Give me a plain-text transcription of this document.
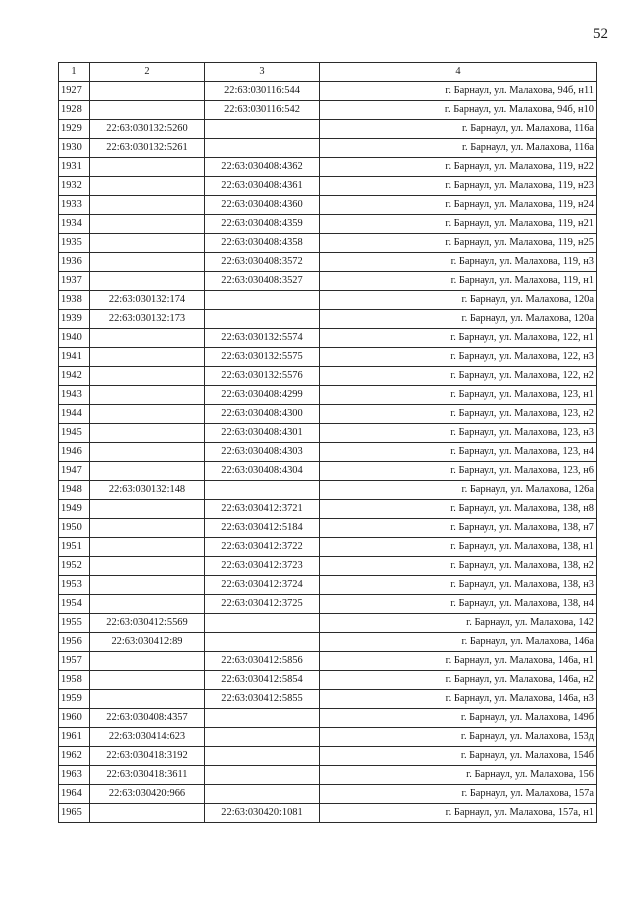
52
1	2	3	4
1927		22:63:030116:544	г. Барнаул, ул. Малахова, 94б, н11
1928		22:63:030116:542	г. Барнаул, ул. Малахова, 94б, н10
1929	22:63:030132:5260		г. Барнаул, ул. Малахова, 116а
1930	22:63:030132:5261		г. Барнаул, ул. Малахова, 116а
1931		22:63:030408:4362	г. Барнаул, ул. Малахова, 119, н22
1932		22:63:030408:4361	г. Барнаул, ул. Малахова, 119, н23
1933		22:63:030408:4360	г. Барнаул, ул. Малахова, 119, н24
1934		22:63:030408:4359	г. Барнаул, ул. Малахова, 119, н21
1935		22:63:030408:4358	г. Барнаул, ул. Малахова, 119, н25
1936		22:63:030408:3572	г. Барнаул, ул. Малахова, 119, н3
1937		22:63:030408:3527	г. Барнаул, ул. Малахова, 119, н1
1938	22:63:030132:174		г. Барнаул, ул. Малахова, 120а
1939	22:63:030132:173		г. Барнаул, ул. Малахова, 120а
1940		22:63:030132:5574	г. Барнаул, ул. Малахова, 122, н1
1941		22:63:030132:5575	г. Барнаул, ул. Малахова, 122, н3
1942		22:63:030132:5576	г. Барнаул, ул. Малахова, 122, н2
1943		22:63:030408:4299	г. Барнаул, ул. Малахова, 123, н1
1944		22:63:030408:4300	г. Барнаул, ул. Малахова, 123, н2
1945		22:63:030408:4301	г. Барнаул, ул. Малахова, 123, н3
1946		22:63:030408:4303	г. Барнаул, ул. Малахова, 123, н4
1947		22:63:030408:4304	г. Барнаул, ул. Малахова, 123, н6
1948	22:63:030132:148		г. Барнаул, ул. Малахова, 126а
1949		22:63:030412:3721	г. Барнаул, ул. Малахова, 138, н8
1950		22:63:030412:5184	г. Барнаул, ул. Малахова, 138, н7
1951		22:63:030412:3722	г. Барнаул, ул. Малахова, 138, н1
1952		22:63:030412:3723	г. Барнаул, ул. Малахова, 138, н2
1953		22:63:030412:3724	г. Барнаул, ул. Малахова, 138, н3
1954		22:63:030412:3725	г. Барнаул, ул. Малахова, 138, н4
1955	22:63:030412:5569		г. Барнаул, ул. Малахова, 142
1956	22:63:030412:89		г. Барнаул, ул. Малахова, 146а
1957		22:63:030412:5856	г. Барнаул, ул. Малахова, 146а, н1
1958		22:63:030412:5854	г. Барнаул, ул. Малахова, 146а, н2
1959		22:63:030412:5855	г. Барнаул, ул. Малахова, 146а, н3
1960	22:63:030408:4357		г. Барнаул, ул. Малахова, 149б
1961	22:63:030414:623		г. Барнаул, ул. Малахова, 153д
1962	22:63:030418:3192		г. Барнаул, ул. Малахова, 154б
1963	22:63:030418:3611		г. Барнаул, ул. Малахова, 156
1964	22:63:030420:966		г. Барнаул, ул. Малахова, 157а
1965		22:63:030420:1081	г. Барнаул, ул. Малахова, 157а, н1
